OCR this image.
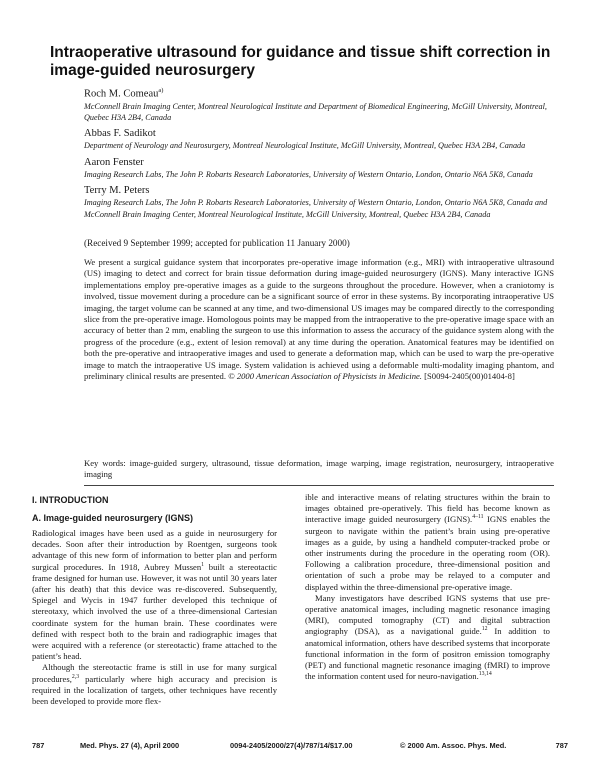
Intraoperative ultrasound for guidance and tissue shift correction in image-guided neurosurgery
Roch M. Comeau$^{a)}$
McConnell Brain Imaging Center, Montreal Neurological Institute and Department of Biomedical Engineering, McGill University, Montreal, Quebec H3A 2B4, Canada
Abbas F. Sadikot
Department of Neurology and Neurosurgery, Montreal Neurological Institute, McGill University, Montreal, Quebec H3A 2B4, Canada
Aaron Fenster
Imaging Research Labs, The John P. Robarts Research Laboratories, University of Western Ontario, London, Ontario N6A 5K8, Canada
Terry M. Peters
Imaging Research Labs, The John P. Robarts Research Laboratories, University of Western Ontario, London, Ontario N6A 5K8, Canada and McConnell Brain Imaging Center, Montreal Neurological Institute, McGill University, Montreal, Quebec H3A 2B4, Canada
(Received 9 September 1999; accepted for publication 11 January 2000)

We present a surgical guidance system that incorporates pre-operative image information (e.g., MRI) with intraoperative ultrasound (US) imaging to detect and correct for brain tissue deformation during image-guided neurosurgery (IGNS). Many interactive IGNS implementations employ pre-operative images as a guide to the surgeons throughout the procedure. However, when a craniotomy is involved, tissue movement during a procedure can be a significant source of error in these systems. By incorporating intraoperative US imaging, the target volume can be scanned at any time, and two-dimensional US images may be compared directly to the corresponding slice from the pre-operative image. Homologous points may be mapped from the intraoperative to the pre-operative image space with an accuracy of better than 2 mm, enabling the surgeon to use this information to assess the accuracy of the guidance system along with the progress of the procedure (e.g., extent of lesion removal) at any time during the operation. Anatomical features may be identified on both the pre-operative and intraoperative images and used to generate a deformation map, which can be used to warp the pre-operative image to match the intraoperative US image. System validation is achieved using a deformable multi-modality imaging phantom, and preliminary clinical results are presented. © 2000 American Association of Physicists in Medicine. [S0094-2405(00)01404-8]

Key words: image-guided surgery, ultrasound, tissue deformation, image warping, image registration, neurosurgery, intraoperative imaging

I. INTRODUCTION
A. Image-guided neurosurgery (IGNS)

Radiological images have been used as a guide in neurosurgery for decades. Soon after their introduction by Roentgen, surgeons took advantage of this new form of information to better plan and perform surgical procedures. In 1918, Aubrey Mussen$^1$ built a stereotactic frame designed for human use. However, it was not until 30 years later (after his death) that this device was re-discovered. Subsequently, Spiegel and Wycis in 1947 further developed this technique of stereotaxy, which involved the use of a three-dimensional Cartesian coordinate system for the human brain. These coordinates were defined with respect both to the brain and radiographic images that were acquired with a reference (or stereotactic) frame attached to the patient’s head.

Although the stereotactic frame is still in use for many surgical procedures,$^{2,3}$ particularly where high accuracy and precision is required in the localization of targets, other techniques have recently been developed to provide more flex-

ible and interactive means of relating structures within the brain to images obtained pre-operatively. This field has become known as interactive image guided neurosurgery (IGNS).$^{4-11}$ IGNS enables the surgeon to navigate within the patient’s brain using pre-operative images as a guide, by using a handheld computer-tracked probe or other instruments during the procedure in the operating room (OR). Following a calibration procedure, three-dimensional position and orientation of such a probe may be relayed to a computer and displayed within the three-dimensional pre-operative image.

Many investigators have described IGNS systems that use pre-operative anatomical images, including magnetic resonance imaging (MRI), computed tomography (CT) and digital subtraction angiography (DSA), as a navigational guide.$^{12}$ In addition to anatomical information, others have described systems that incorporate functional information in the form of positron emission tomography (PET) and functional magnetic resonance imaging (fMRI) to improve the information content used for neuro-navigation.$^{13,14}$

787	Med. Phys. 27 (4), April 2000	0094-2405/2000/27(4)/787/14/$17.00	© 2000 Am. Assoc. Phys. Med.	787
